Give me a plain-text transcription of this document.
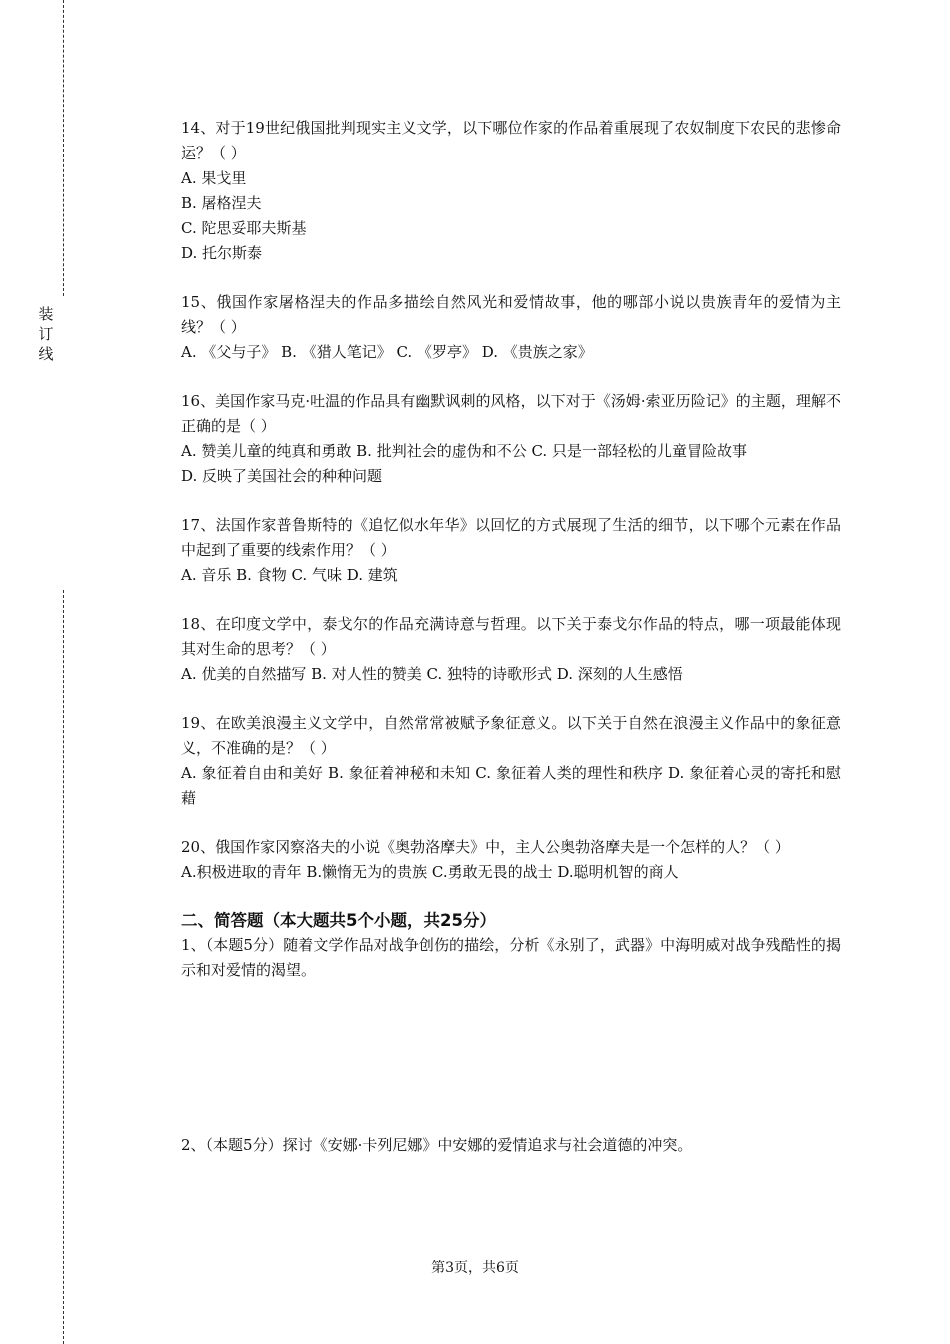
装
订
线

14、对于19世纪俄国批判现实主义文学，以下哪位作家的作品着重展现了农奴制度下农民的悲惨命运？（ ）

A. 果戈里

B. 屠格涅夫

C. 陀思妥耶夫斯基

D. 托尔斯泰

15、俄国作家屠格涅夫的作品多描绘自然风光和爱情故事，他的哪部小说以贵族青年的爱情为主线？（ ）

A. 《父与子》 B. 《猎人笔记》 C. 《罗亭》 D. 《贵族之家》

16、美国作家马克·吐温的作品具有幽默讽刺的风格，以下对于《汤姆·索亚历险记》的主题，理解不正确的是（ ）

A. 赞美儿童的纯真和勇敢 B. 批判社会的虚伪和不公 C. 只是一部轻松的儿童冒险故事

D. 反映了美国社会的种种问题

17、法国作家普鲁斯特的《追忆似水年华》以回忆的方式展现了生活的细节，以下哪个元素在作品中起到了重要的线索作用？（ ）

A. 音乐 B. 食物 C. 气味 D. 建筑

18、在印度文学中，泰戈尔的作品充满诗意与哲理。以下关于泰戈尔作品的特点，哪一项最能体现其对生命的思考？（ ）

A. 优美的自然描写 B. 对人性的赞美 C. 独特的诗歌形式 D. 深刻的人生感悟

19、在欧美浪漫主义文学中，自然常常被赋予象征意义。以下关于自然在浪漫主义作品中的象征意义，不准确的是？（ ）

A. 象征着自由和美好 B. 象征着神秘和未知 C. 象征着人类的理性和秩序 D. 象征着心灵的寄托和慰藉

20、俄国作家冈察洛夫的小说《奥勃洛摩夫》中，主人公奥勃洛摩夫是一个怎样的人？（ ）

A.积极进取的青年 B.懒惰无为的贵族 C.勇敢无畏的战士 D.聪明机智的商人

二、简答题（本大题共5个小题，共25分）

1、（本题5分）随着文学作品对战争创伤的描绘，分析《永别了，武器》中海明威对战争残酷性的揭示和对爱情的渴望。

2、（本题5分）探讨《安娜·卡列尼娜》中安娜的爱情追求与社会道德的冲突。

第3页，共6页
